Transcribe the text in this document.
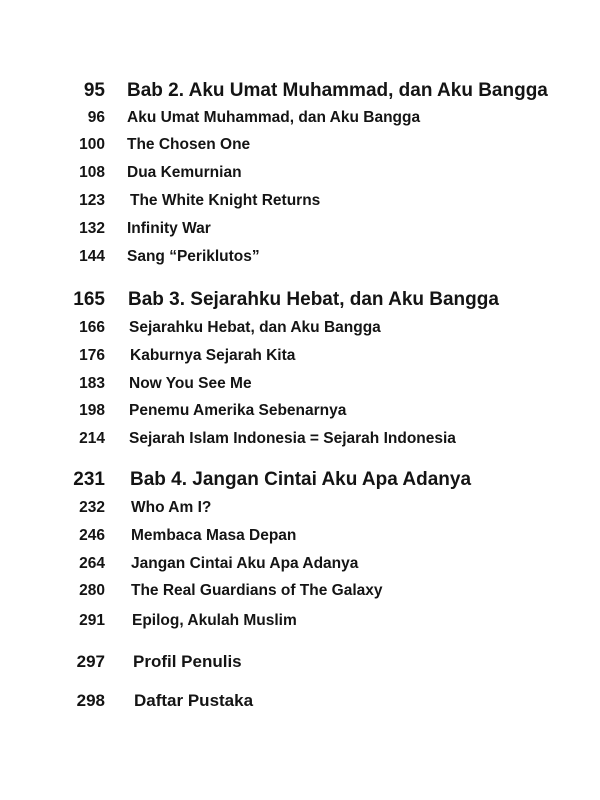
95 Bab 2. Aku Umat Muhammad, dan Aku Bangga
96 Aku Umat Muhammad, dan Aku Bangga
100 The Chosen One
108 Dua Kemurnian
123 The White Knight Returns
132 Infinity War
144 Sang “Periklutos”
165 Bab 3. Sejarahku Hebat, dan Aku Bangga
166 Sejarahku Hebat, dan Aku Bangga
176 Kaburnya Sejarah Kita
183 Now You See Me
198 Penemu Amerika Sebenarnya
214 Sejarah Islam Indonesia = Sejarah Indonesia
231 Bab 4. Jangan Cintai Aku Apa Adanya
232 Who Am I?
246 Membaca Masa Depan
264 Jangan Cintai Aku Apa Adanya
280 The Real Guardians of The Galaxy
291 Epilog, Akulah Muslim
297 Profil Penulis
298 Daftar Pustaka
